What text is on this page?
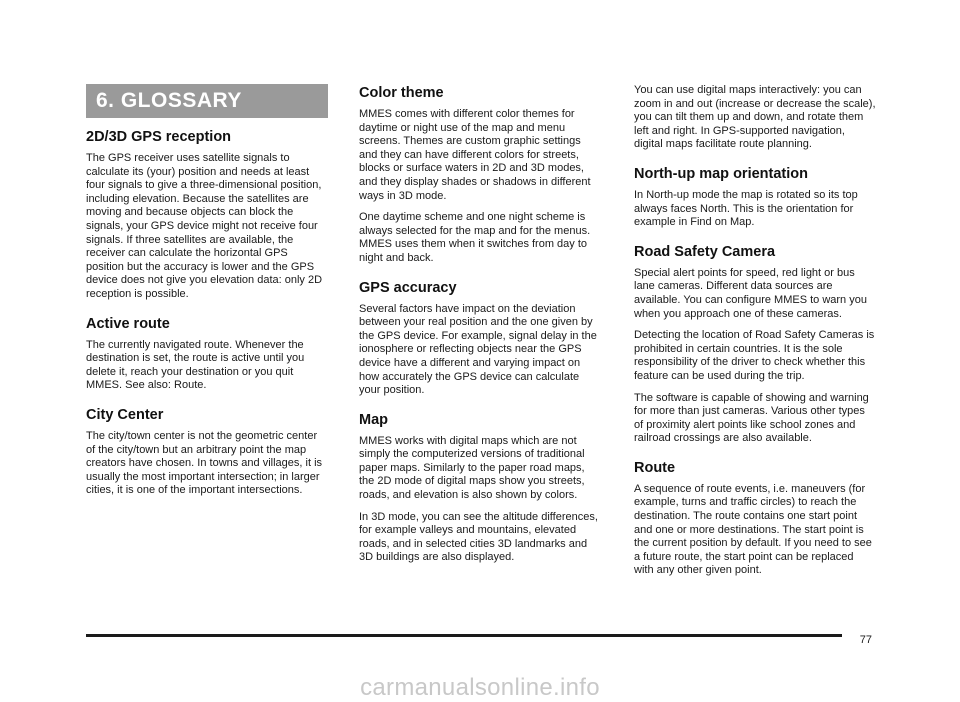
6. GLOSSARY
2D/3D GPS reception

The GPS receiver uses satellite signals to calculate its (your) position and needs at least four signals to give a three-dimensional position, including elevation. Because the satellites are moving and because objects can block the signals, your GPS device might not receive four signals. If three satellites are available, the receiver can calculate the horizontal GPS position but the accuracy is lower and the GPS device does not give you elevation data: only 2D reception is possible.

Active route

The currently navigated route. Whenever the destination is set, the route is active until you delete it, reach your destination or you quit MMES. See also: Route.

City Center

The city/town center is not the geometric center of the city/town but an arbitrary point the map creators have chosen. In towns and villages, it is usually the most important intersection; in larger cities, it is one of the important intersections.

Color theme

MMES comes with different color themes for daytime or night use of the map and menu screens. Themes are custom graphic settings and they can have different colors for streets, blocks or surface waters in 2D and 3D modes, and they display shades or shadows in different ways in 3D mode.

One daytime scheme and one night scheme is always selected for the map and for the menus. MMES uses them when it switches from day to night and back.

GPS accuracy

Several factors have impact on the deviation between your real position and the one given by the GPS device. For example, signal delay in the ionosphere or reflecting objects near the GPS device have a different and varying impact on how accurately the GPS device can calculate your position.

Map

MMES works with digital maps which are not simply the computerized versions of traditional paper maps. Similarly to the paper road maps, the 2D mode of digital maps show you streets, roads, and elevation is also shown by colors.

In 3D mode, you can see the altitude differences, for example valleys and mountains, elevated roads, and in selected cities 3D landmarks and 3D buildings are also displayed.

You can use digital maps interactively: you can zoom in and out (increase or decrease the scale), you can tilt them up and down, and rotate them left and right. In GPS-supported navigation, digital maps facilitate route planning.

North-up map orientation

In North-up mode the map is rotated so its top always faces North. This is the orientation for example in Find on Map.

Road Safety Camera

Special alert points for speed, red light or bus lane cameras. Different data sources are available. You can configure MMES to warn you when you approach one of these cameras.

Detecting the location of Road Safety Cameras is prohibited in certain countries. It is the sole responsibility of the driver to check whether this feature can be used during the trip.

The software is capable of showing and warning for more than just cameras. Various other types of proximity alert points like school zones and railroad crossings are also available.

Route

A sequence of route events, i.e. maneuvers (for example, turns and traffic circles) to reach the destination. The route contains one start point and one or more destinations. The start point is the current position by default. If you need to see a future route, the start point can be replaced with any other given point.

77
carmanualsonline.info
